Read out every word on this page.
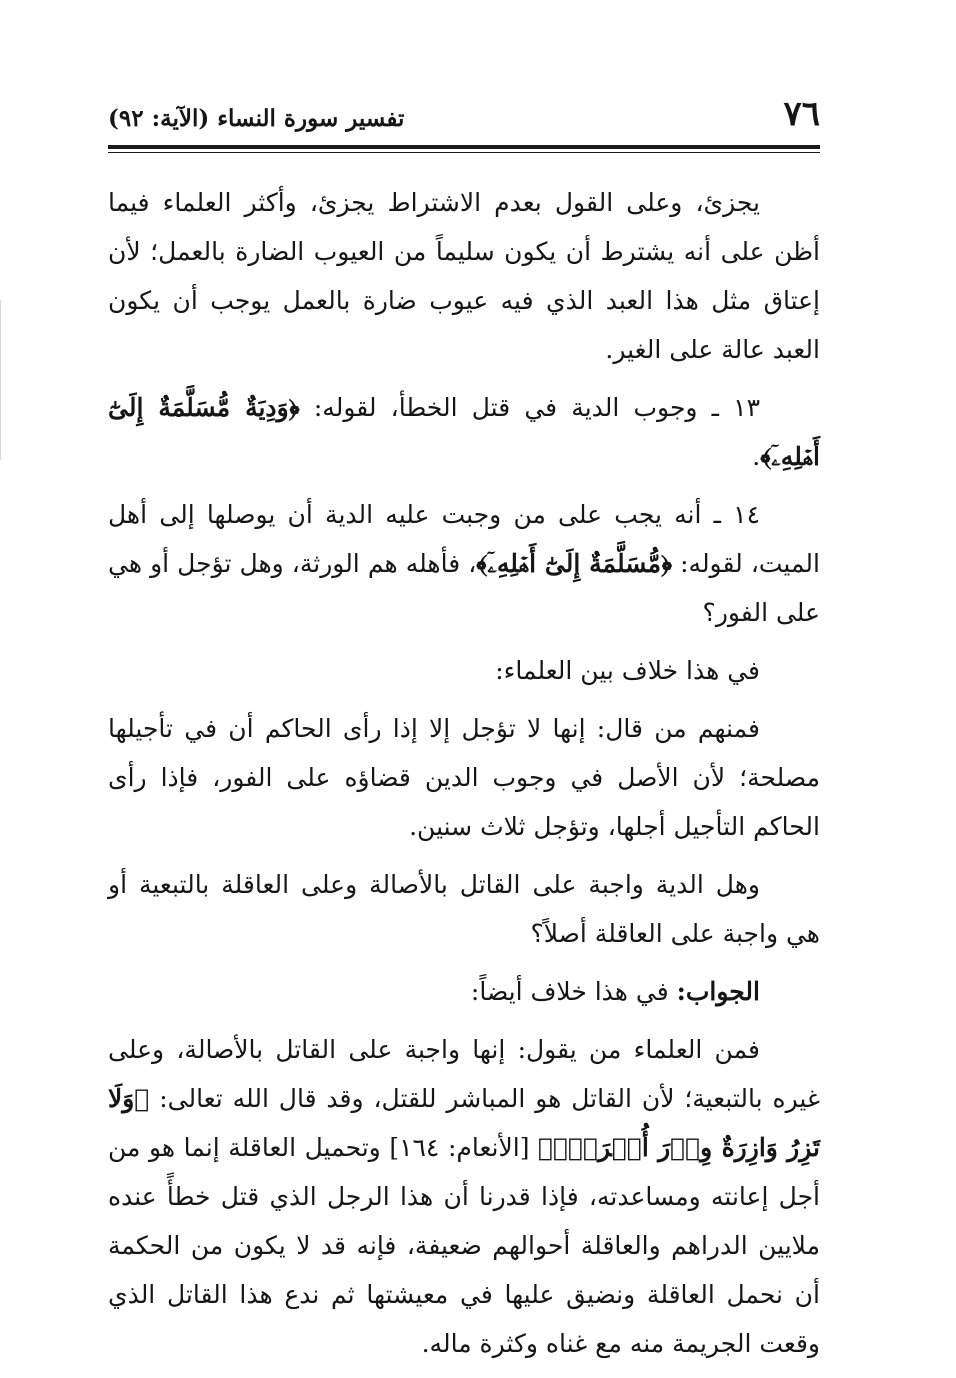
٧٦
تفسير سورة النساء (الآية: ٩٢)

يجزئ، وعلى القول بعدم الاشتراط يجزئ، وأكثر العلماء فيما أظن على أنه يشترط أن يكون سليماً من العيوب الضارة بالعمل؛ لأن إعتاق مثل هذا العبد الذي فيه عيوب ضارة بالعمل يوجب أن يكون العبد عالة على الغير.

١٣ ـ وجوب الدية في قتل الخطأ، لقوله: ﴿وَدِيَةٌ مُّسَلَّمَةٌ إِلَىٰٓ أَهۡلِهِۦٓ﴾.

١٤ ـ أنه يجب على من وجبت عليه الدية أن يوصلها إلى أهل الميت، لقوله: ﴿مُّسَلَّمَةٌ إِلَىٰٓ أَهۡلِهِۦٓ﴾، فأهله هم الورثة، وهل تؤجل أو هي على الفور؟

في هذا خلاف بين العلماء:

فمنهم من قال: إنها لا تؤجل إلا إذا رأى الحاكم أن في تأجيلها مصلحة؛ لأن الأصل في وجوب الدين قضاؤه على الفور، فإذا رأى الحاكم التأجيل أجلها، وتؤجل ثلاث سنين.

وهل الدية واجبة على القاتل بالأصالة وعلى العاقلة بالتبعية أو هي واجبة على العاقلة أصلاً؟

الجواب: في هذا خلاف أيضاً:

فمن العلماء من يقول: إنها واجبة على القاتل بالأصالة، وعلى غيره بالتبعية؛ لأن القاتل هو المباشر للقتل، وقد قال الله تعالى: ﴿وَلَا تَزِرُ وَازِرَةٌ وِزۡرَ أُخۡرَىٰۚ﴾ [الأنعام: ١٦٤] وتحميل العاقلة إنما هو من أجل إعانته ومساعدته، فإذا قدرنا أن هذا الرجل الذي قتل خطأً عنده ملايين الدراهم والعاقلة أحوالهم ضعيفة، فإنه قد لا يكون من الحكمة أن نحمل العاقلة ونضيق عليها في معيشتها ثم ندع هذا القاتل الذي وقعت الجريمة منه مع غناه وكثرة ماله.
